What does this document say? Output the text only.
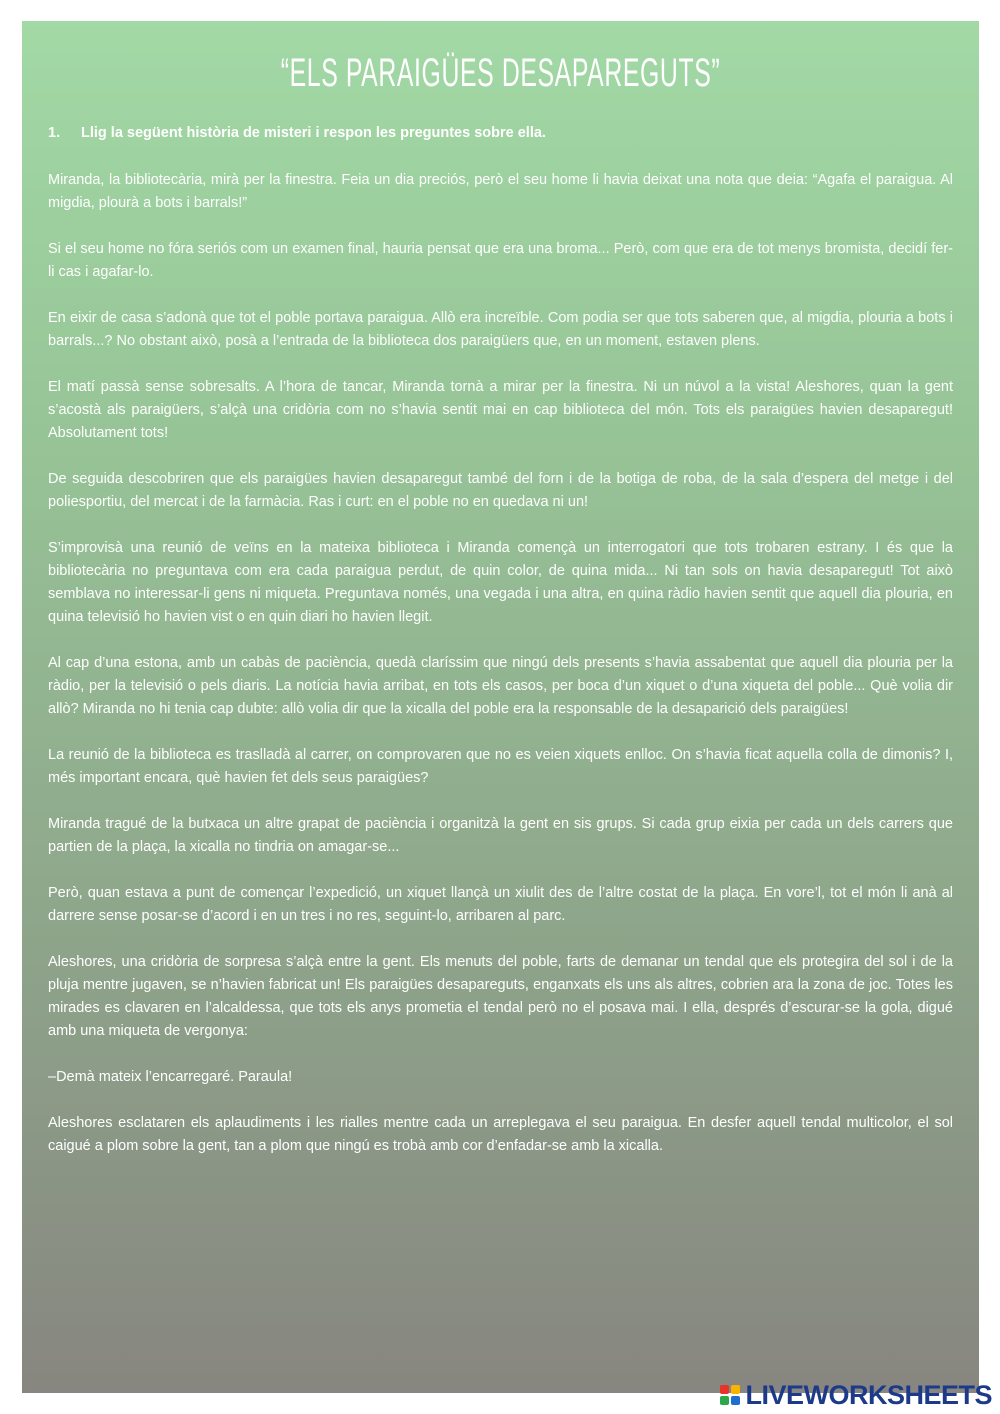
“ELS PARAIGÜES DESAPAREGUTS”

1. Llig la següent història de misteri i respon les preguntes sobre ella.

Miranda, la bibliotecària, mirà per la finestra. Feia un dia preciós, però el seu home li havia deixat una nota que deia: “Agafa el paraigua. Al migdia, plourà a bots i barrals!”

Si el seu home no fóra seriós com un examen final, hauria pensat que era una broma... Però, com que era de tot menys bromista, decidí fer-li cas i agafar-lo.

En eixir de casa s’adonà que tot el poble portava paraigua. Allò era increïble. Com podia ser que tots saberen que, al migdia, plouria a bots i barrals...? No obstant això, posà a l’entrada de la biblioteca dos paraigüers que, en un moment, estaven plens.

El matí passà sense sobresalts. A l’hora de tancar, Miranda tornà a mirar per la finestra. Ni un núvol a la vista! Aleshores, quan la gent s’acostà als paraigüers, s’alçà una cridòria com no s’havia sentit mai en cap biblioteca del món. Tots els paraigües havien desaparegut! Absolutament tots!

De seguida descobriren que els paraigües havien desaparegut també del forn i de la botiga de roba, de la sala d’espera del metge i del poliesportiu, del mercat i de la farmàcia. Ras i curt: en el poble no en quedava ni un!

S’improvisà una reunió de veïns en la mateixa biblioteca i Miranda començà un interrogatori que tots trobaren estrany. I és que la bibliotecària no preguntava com era cada paraigua perdut, de quin color, de quina mida... Ni tan sols on havia desaparegut! Tot això semblava no interessar-li gens ni miqueta. Preguntava només, una vegada i una altra, en quina ràdio havien sentit que aquell dia plouria, en quina televisió ho havien vist o en quin diari ho havien llegit.

Al cap d’una estona, amb un cabàs de paciència, quedà claríssim que ningú dels presents s’havia assabentat que aquell dia plouria per la ràdio, per la televisió o pels diaris. La notícia havia arribat, en tots els casos, per boca d’un xiquet o d’una xiqueta del poble... Què volia dir allò? Miranda no hi tenia cap dubte: allò volia dir que la xicalla del poble era la responsable de la desaparició dels paraigües!

La reunió de la biblioteca es traslladà al carrer, on comprovaren que no es veien xiquets enlloc. On s’havia ficat aquella colla de dimonis? I, més important encara, què havien fet dels seus paraigües?

Miranda tragué de la butxaca un altre grapat de paciència i organitzà la gent en sis grups. Si cada grup eixia per cada un dels carrers que partien de la plaça, la xicalla no tindria on amagar-se...

Però, quan estava a punt de començar l’expedició, un xiquet llançà un xiulit des de l’altre costat de la plaça. En vore’l, tot el món li anà al darrere sense posar-se d’acord i en un tres i no res, seguint-lo, arribaren al parc.

Aleshores, una cridòria de sorpresa s’alçà entre la gent. Els menuts del poble, farts de demanar un tendal que els protegira del sol i de la pluja mentre jugaven, se n’havien fabricat un! Els paraigües desapareguts, enganxats els uns als altres, cobrien ara la zona de joc. Totes les mirades es clavaren en l’alcaldessa, que tots els anys prometia el tendal però no el posava mai. I ella, després d’escurar-se la gola, digué amb una miqueta de vergonya:

–Demà mateix l’encarregaré. Paraula!

Aleshores esclataren els aplaudiments i les rialles mentre cada un arreplegava el seu paraigua. En desfer aquell tendal multicolor, el sol caigué a plom sobre la gent, tan a plom que ningú es trobà amb cor d’enfadar-se amb la xicalla.

LIVEWORKSHEETS
